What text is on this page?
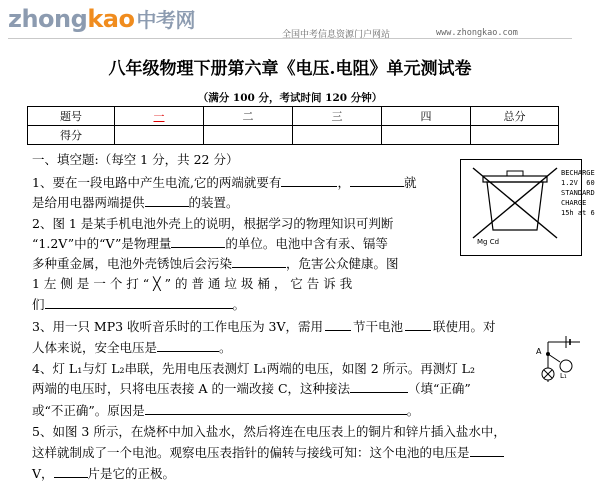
zhongkao 中考网
全国中考信息资源门户网站	www.zhongkao.com
八年级物理下册第六章《电压.电阻》单元测试卷
（满分 100 分，考试时间 120 分钟）
题号	一	二	三	四	总分
得分					
一、填空题:（每空 1 分，共 22 分）
1、要在一段电路中产生电流,它的两端就要有	，	就
是给用电器两端提供	的装置。
2、图 1 是某手机电池外壳上的说明，根据学习的物理知识可判断
“1.2V”中的“V”是物理量	的单位。电池中含有汞、镉等
多种重金属，电池外壳锈蚀后会污染	，危害公众健康。图
1 左 侧 是 一 个 打 “ ╳ ” 的 普 通 垃 圾 桶 ， 它 告 诉 我
们	。
3、用一只 MP3 收听音乐时的工作电压为 3V，需用 节干电池 联使用。对
人体来说，安全电压是	。
4、灯 L₁与灯 L₂串联，先用电压表测灯 L₁两端的电压，如图 2 所示。再测灯 L₂
两端的电压时，只将电压表接 A 的一端改接 C，这种接法	（填“正确”
或“不正确”。原因是	。
5、如图 3 所示，在烧杯中加入盐水，然后将连在电压表上的铜片和锌片插入盐水中，
这样就制成了一个电池。观察电压表指针的偏转与接线可知：这个电池的电压是
V，	片是它的正极。
BECHARGE
1.2V  60
STANDARD
CHARGE
15h at 6
Mg Cd
A
L₁
